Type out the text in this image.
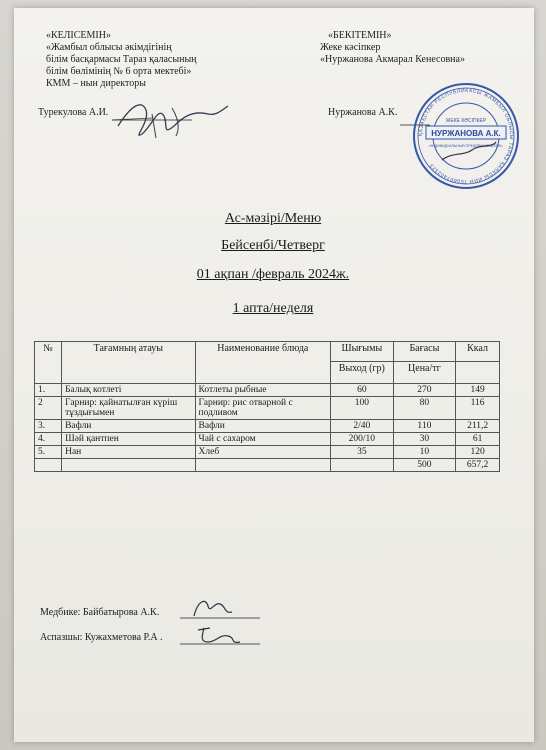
«КЕЛІСЕМІН»
«Жамбыл облысы әкімдігінің
білім басқармасы Тараз қаласының
білім бөлімінің № 6 орта мектебі»
КММ – нын директоры
Турекулова А.И.
«БЕКІТЕМІН»
Жеке кәсіпкер
«Нуржанова Акмарал Кенесовна»
Нуржанова А.К.
ҚАЗАҚСТАН РЕСПУБЛИКАСЫ ЖАМБЫЛ ОБЛЫСЫ ТАРАЗ ҚАЛАСЫ ИИН 750607402323
ЖЕКЕ КӘСІПКЕР
НУРЖАНОВА А.К.
ИНДИВИДУАЛЬНЫЙ ПРЕДПРИНИМАТЕЛЬ
Ас-мәзірі/Меню
Бейсенбі/Четверг
01 ақпан /февраль 2024ж.
1 апта/неделя
№	Тағамның атауы	Наименование блюда	Шығымы	Бағасы	Ккал
			Выход (гр)	Цена/тг	
1.	Балық котлеті	Котлеты рыбные	60	270	149
2	Гарнир: қайнатылған күріш тұздығымен	Гарнир: рис отварной с подливом	100	80	116
3.	Вафли	Вафли	2/40	110	211,2
4.	Шәй қантпен	Чай с сахаром	200/10	30	61
5.	Нан	Хлеб	35	10	120
				500	657,2
Медбике: Байбатырова А.К.
Аспазшы: Кужахметова Р.А .
